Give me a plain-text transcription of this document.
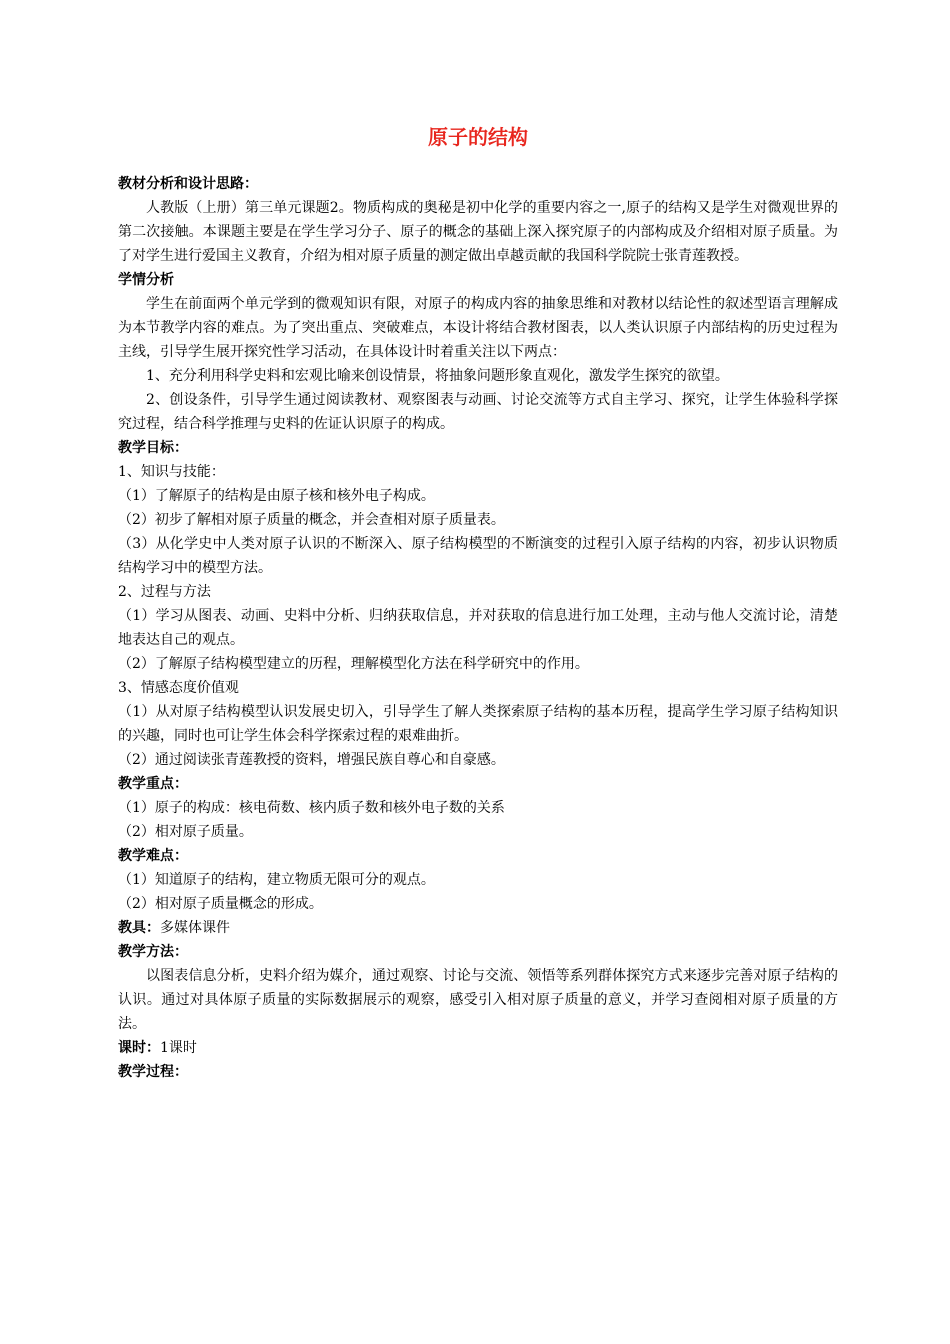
原子的结构

教材分析和设计思路：

人教版（上册）第三单元课题2。物质构成的奥秘是初中化学的重要内容之一,原子的结构又是学生对微观世界的第二次接触。本课题主要是在学生学习分子、原子的概念的基础上深入探究原子的内部构成及介绍相对原子质量。为了对学生进行爱国主义教育，介绍为相对原子质量的测定做出卓越贡献的我国科学院院士张青莲教授。

学情分析

学生在前面两个单元学到的微观知识有限，对原子的构成内容的抽象思维和对教材以结论性的叙述型语言理解成为本节教学内容的难点。为了突出重点、突破难点，本设计将结合教材图表，以人类认识原子内部结构的历史过程为主线，引导学生展开探究性学习活动，在具体设计时着重关注以下两点：

1、充分利用科学史料和宏观比喻来创设情景，将抽象问题形象直观化，激发学生探究的欲望。

2、创设条件，引导学生通过阅读教材、观察图表与动画、讨论交流等方式自主学习、探究，让学生体验科学探究过程，结合科学推理与史料的佐证认识原子的构成。

教学目标：

1、知识与技能：

（1）了解原子的结构是由原子核和核外电子构成。

（2）初步了解相对原子质量的概念，并会查相对原子质量表。

（3）从化学史中人类对原子认识的不断深入、原子结构模型的不断演变的过程引入原子结构的内容，初步认识物质结构学习中的模型方法。

2、过程与方法

（1）学习从图表、动画、史料中分析、归纳获取信息，并对获取的信息进行加工处理，主动与他人交流讨论，清楚地表达自己的观点。

（2）了解原子结构模型建立的历程，理解模型化方法在科学研究中的作用。

3、情感态度价值观

（1）从对原子结构模型认识发展史切入，引导学生了解人类探索原子结构的基本历程，提高学生学习原子结构知识的兴趣，同时也可让学生体会科学探索过程的艰难曲折。

（2）通过阅读张青莲教授的资料，增强民族自尊心和自豪感。

教学重点：

（1）原子的构成：核电荷数、核内质子数和核外电子数的关系

（2）相对原子质量。

教学难点：

（1）知道原子的结构，建立物质无限可分的观点。

（2）相对原子质量概念的形成。

教具：多媒体课件

教学方法：

以图表信息分析，史料介绍为媒介，通过观察、讨论与交流、领悟等系列群体探究方式来逐步完善对原子结构的认识。通过对具体原子质量的实际数据展示的观察，感受引入相对原子质量的意义，并学习查阅相对原子质量的方法。

课时：1课时

教学过程：
